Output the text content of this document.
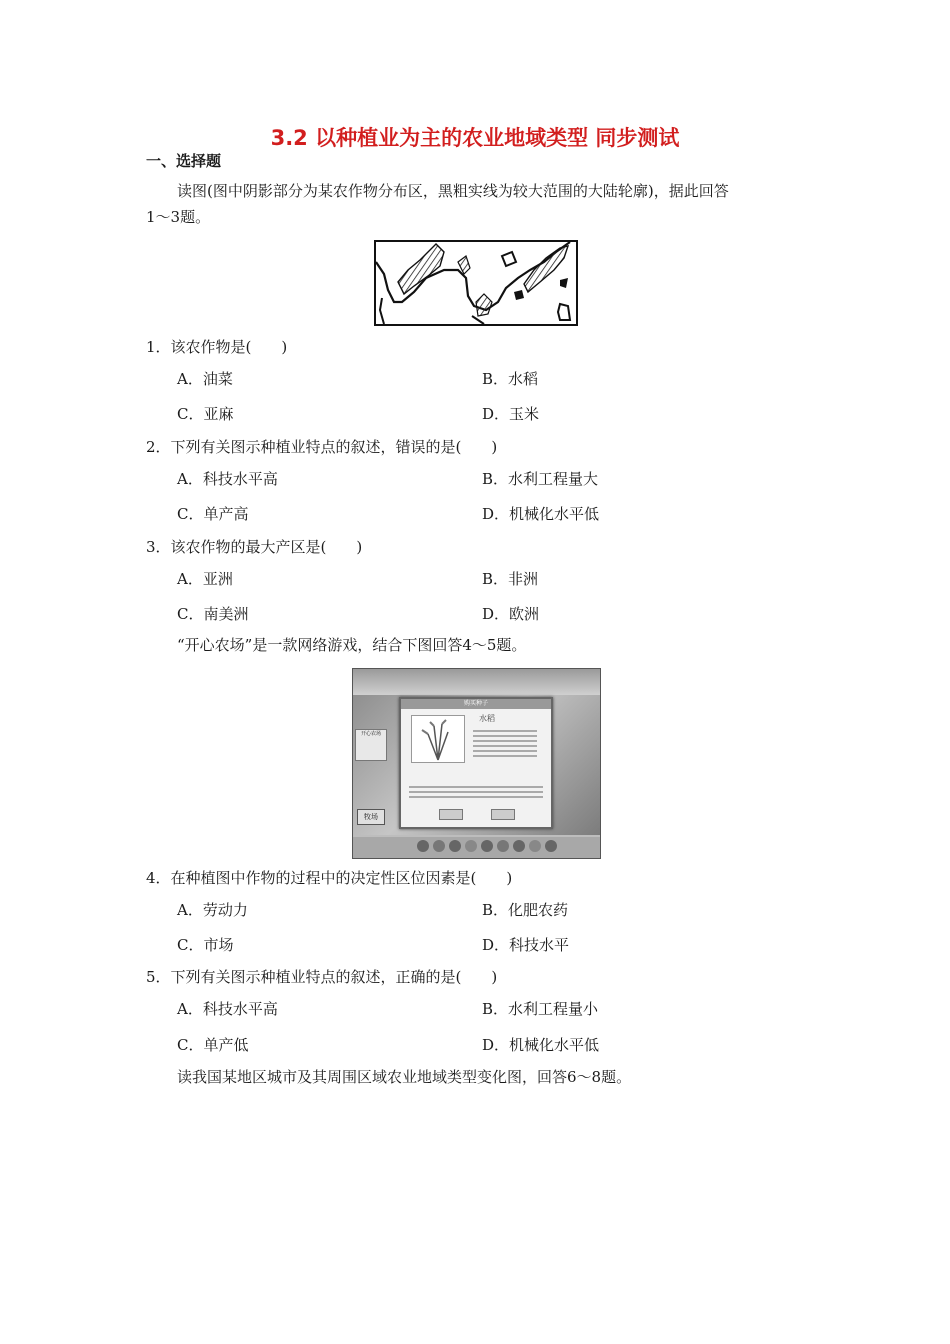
3.2 以种植业为主的农业地域类型 同步测试
一、选择题
读图(图中阴影部分为某农作物分布区，黑粗实线为较大范围的大陆轮廓)，据此回答
1～3题。
1．该农作物是(　　)
A．油菜	B．水稻
C．亚麻	D．玉米
2．下列有关图示种植业特点的叙述，错误的是(　　)
A．科技水平高	B．水利工程量大
C．单产高	D．机械化水平低
3．该农作物的最大产区是(　　)
A．亚洲	B．非洲
C．南美洲	D．欧洲
“开心农场”是一款网络游戏，结合下图回答4～5题。
开心农场
牧场
购买种子
水稻
4．在种植图中作物的过程中的决定性区位因素是(　　)
A．劳动力	B．化肥农药
C．市场	D．科技水平
5．下列有关图示种植业特点的叙述，正确的是(　　)
A．科技水平高	B．水利工程量小
C．单产低	D．机械化水平低
读我国某地区城市及其周围区域农业地域类型变化图，回答6～8题。
